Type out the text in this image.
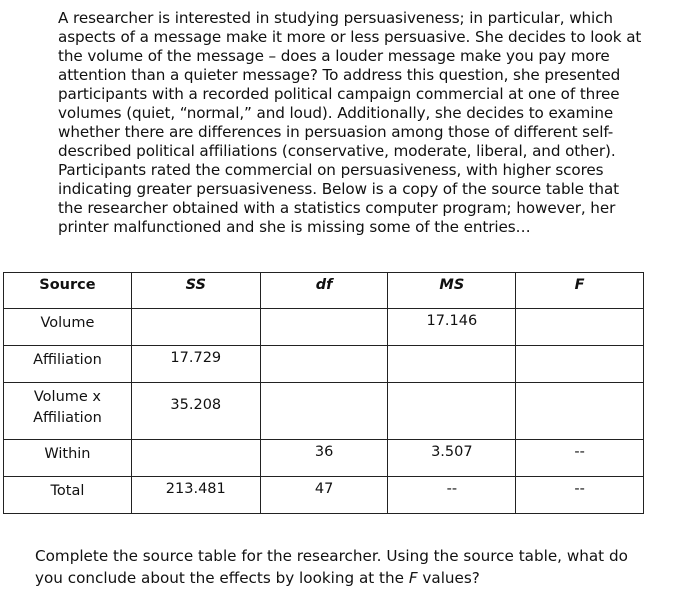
A researcher is interested in studying persuasiveness; in particular, which aspects of a message make it more or less persuasive. She decides to look at the volume of the message – does a louder message make you pay more attention than a quieter message? To address this question, she presented participants with a recorded political campaign commercial at one of three volumes (quiet, “normal,” and loud). Additionally, she decides to examine whether there are differences in persuasion among those of different self-described political affiliations (conservative, moderate, liberal, and other). Participants rated the commercial on persuasiveness, with higher scores indicating greater persuasiveness. Below is a copy of the source table that the researcher obtained with a statistics computer program; however, her printer malfunctioned and she is missing some of the entries…

Source	SS	df	MS	F
Volume			17.146	
Affiliation	17.729			

Volume x Affiliation	35.208			
Within		36	3.507	--
Total	213.481	47	--	--

Complete the source table for the researcher. Using the source table, what do you conclude about the effects by looking at the F values?
